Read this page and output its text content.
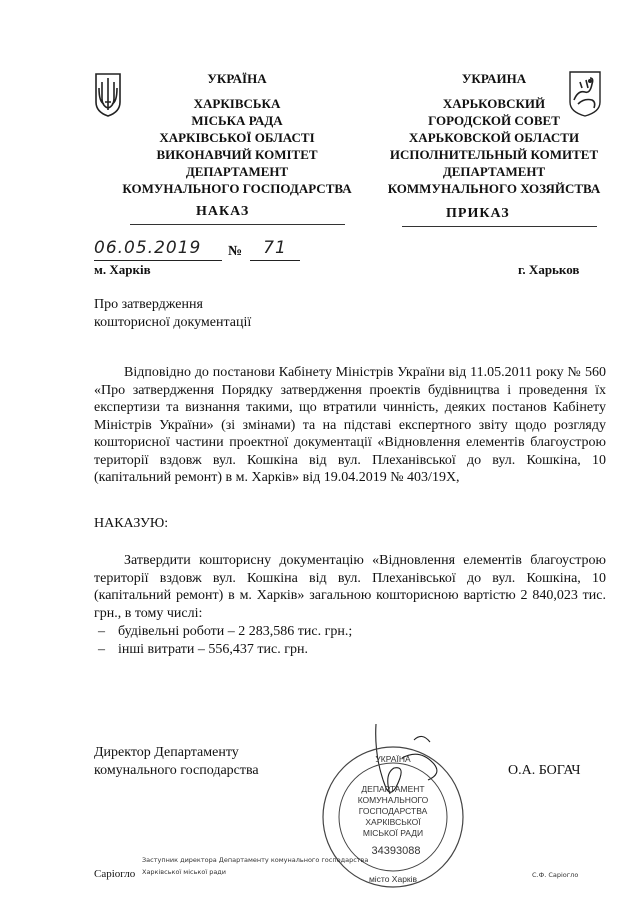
УКРАЇНА
ХАРКІВСЬКА
МІСЬКА РАДА
ХАРКІВСЬКОЇ ОБЛАСТІ
ВИКОНАВЧИЙ КОМІТЕТ
ДЕПАРТАМЕНТ
КОМУНАЛЬНОГО ГОСПОДАРСТВА
УКРАИНА
ХАРЬКОВСКИЙ
ГОРОДСКОЙ СОВЕТ
ХАРЬКОВСКОЙ ОБЛАСТИ
ИСПОЛНИТЕЛЬНЫЙ КОМИТЕТ
ДЕПАРТАМЕНТ
КОММУНАЛЬНОГО ХОЗЯЙСТВА
НАКАЗ	ПРИКАЗ
06.05.2019	№	71
м. Харків	г. Харьков
Про затвердження
кошторисної документації

Відповідно до постанови Кабінету Міністрів України від 11.05.2011 року № 560 «Про затвердження Порядку затвердження проектів будівництва і проведення їх експертизи та визнання такими, що втратили чинність, деяких постанов Кабінету Міністрів України» (зі змінами) та на підставі експертного звіту щодо розгляду кошторисної частини проектної документації «Відновлення елементів благоустрою території вздовж вул. Кошкіна від вул. Плеханівської до вул. Кошкіна, 10 (капітальний ремонт) в м. Харків» від 19.04.2019 № 403/19Х,

НАКАЗУЮ:

Затвердити кошторисну документацію «Відновлення елементів благоустрою території вздовж вул. Кошкіна від вул. Плеханівської до вул. Кошкіна, 10 (капітальний ремонт) в м. Харків» загальною кошторисною вартістю 2 840,023 тис. грн., в тому числі:

– будівельні роботи – 2 283,586 тис. грн.;
– інші витрати – 556,437 тис. грн.
Директор Департаменту
комунального господарства	О.А. БОГАЧ
УКРАЇНА
ДЕПАРТАМЕНТ
КОМУНАЛЬНОГО
ГОСПОДАРСТВА
ХАРКІВСЬКОЇ
МІСЬКОЇ РАДИ
34393088
місто Харків
Саріогло
Заступник директора Департаменту комунального господарства
Харківської міської ради	С.Ф. Саріогло
